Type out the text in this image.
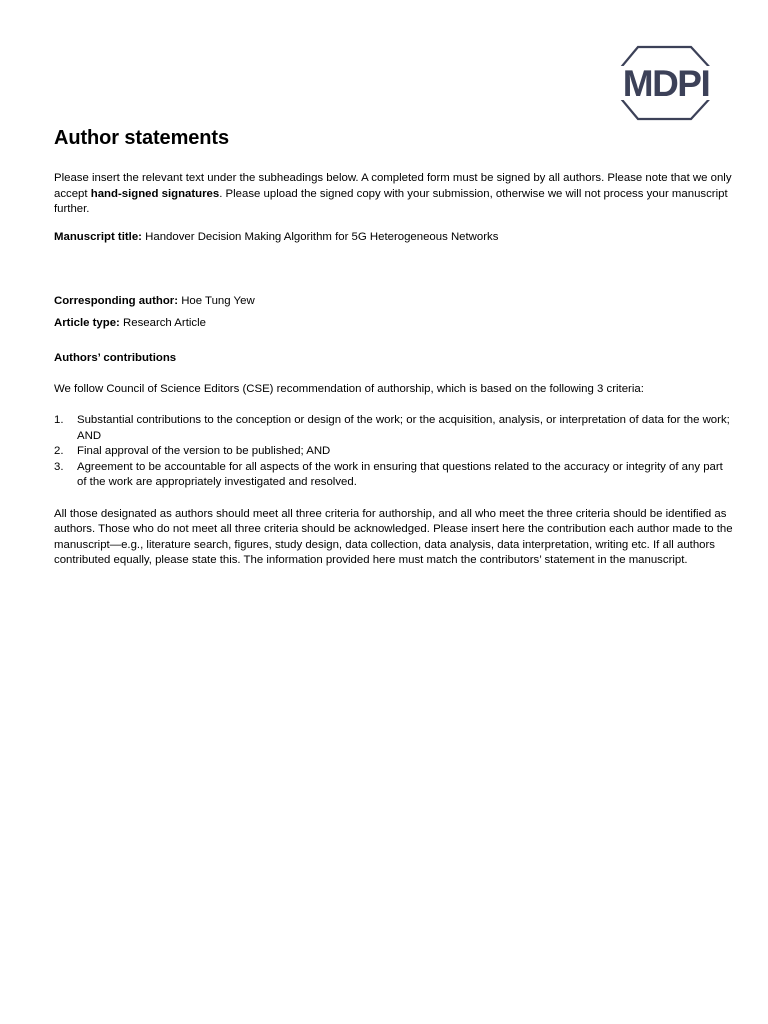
MDPI
Author statements

Please insert the relevant text under the subheadings below. A completed form must be signed by all authors. Please note that we only accept hand-signed signatures. Please upload the signed copy with your submission, otherwise we will not process your manuscript further.

Manuscript title: Handover Decision Making Algorithm for 5G Heterogeneous Networks

Corresponding author: Hoe Tung Yew

Article type: Research Article

Authors’ contributions

We follow Council of Science Editors (CSE) recommendation of authorship, which is based on the following 3 criteria:

1. Substantial contributions to the conception or design of the work; or the acquisition, analysis, or interpretation of data for the work; AND
2. Final approval of the version to be published; AND
3. Agreement to be accountable for all aspects of the work in ensuring that questions related to the accuracy or integrity of any part of the work are appropriately investigated and resolved.

All those designated as authors should meet all three criteria for authorship, and all who meet the three criteria should be identified as authors. Those who do not meet all three criteria should be acknowledged. Please insert here the contribution each author made to the manuscript—e.g., literature search, figures, study design, data collection, data analysis, data interpretation, writing etc. If all authors contributed equally, please state this. The information provided here must match the contributors’ statement in the manuscript.
